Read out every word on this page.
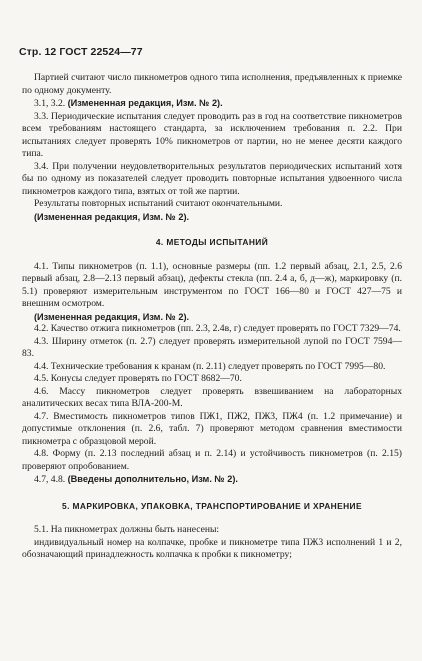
Стр. 12 ГОСТ 22524—77

Партией считают число пикнометров одного типа исполнения, предъявленных к приемке по одному документу.

3.1, 3.2. (Измененная редакция, Изм. № 2).

3.3. Периодические испытания следует проводить раз в год на соответствие пикнометров всем требованиям настоящего стандарта, за исключением требования п. 2.2. При испытаниях следует проверять 10% пикнометров от партии, но не менее десяти каждого типа.

3.4. При получении неудовлетворительных результатов периодических испытаний хотя бы по одному из показателей следует проводить повторные испытания удвоенного числа пикнометров каждого типа, взятых от той же партии.

Результаты повторных испытаний считают окончательными.

(Измененная редакция, Изм. № 2).

4. МЕТОДЫ ИСПЫТАНИЙ

4.1. Типы пикнометров (п. 1.1), основные размеры (пп. 1.2 первый абзац, 2.1, 2.5, 2.6 первый абзац, 2.8—2.13 первый абзац), дефекты стекла (пп. 2.4 а, б, д—ж), маркировку (п. 5.1) проверяют измерительным инструментом по ГОСТ 166—80 и ГОСТ 427—75 и внешним осмотром.

(Измененная редакция, Изм. № 2).

4.2. Качество отжига пикнометров (пп. 2.3, 2.4в, г) следует проверять по ГОСТ 7329—74.

4.3. Ширину отметок (п. 2.7) следует проверять измерительной лупой по ГОСТ 7594—83.

4.4. Технические требования к кранам (п. 2.11) следует проверять по ГОСТ 7995—80.

4.5. Конусы следует проверять по ГОСТ 8682—70.

4.6. Массу пикнометров следует проверять взвешиванием на лабораторных аналитических весах типа ВЛА-200-М.

4.7. Вместимость пикнометров типов ПЖ1, ПЖ2, ПЖ3, ПЖ4 (п. 1.2 примечание) и допустимые отклонения (п. 2.6, табл. 7) проверяют методом сравнения вместимости пикнометра с образцовой мерой.

4.8. Форму (п. 2.13 последний абзац и п. 2.14) и устойчивость пикнометров (п. 2.15) проверяют опробованием.

4.7, 4.8. (Введены дополнительно, Изм. № 2).

5. МАРКИРОВКА, УПАКОВКА, ТРАНСПОРТИРОВАНИЕ И ХРАНЕНИЕ

5.1. На пикнометрах должны быть нанесены:

индивидуальный номер на колпачке, пробке и пикнометре типа ПЖ3 исполнений 1 и 2, обозначающий принадлежность колпачка к пробки к пикнометру;
